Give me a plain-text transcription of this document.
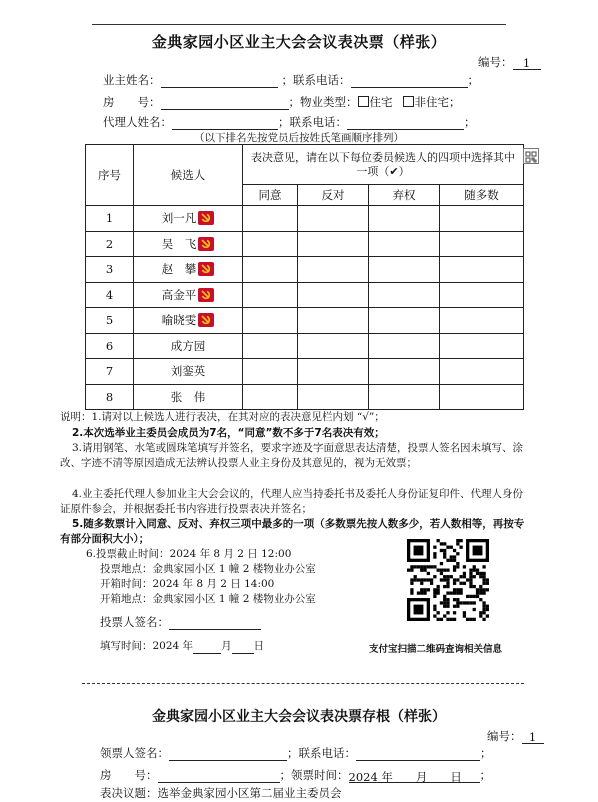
金典家园小区业主大会会议表决票（样张）
编号： 1
业主姓名：	；联系电话：	；
房　　号：	；物业类型： 住宅 非住宅；
代理人姓名：	；联系电话：	；
（以下排名先按党员后按姓氏笔画顺序排列）
序号	候选人	表决意见，请在以下每位委员候选人的四项中选择其中一项（✔）			
		同意	反对	弃权	随多数
1	刘一凡				
2	吴　飞				
3	赵　攀				
4	高金平				
5	喻晓雯				
6	成方园				
7	刘銮英				
8	张　伟				
说明：1.请对以上候选人进行表决，在其对应的表决意见栏内划 “√”；
2.本次选举业主委员会成员为7名，“同意”数不多于7名表决有效；
3.请用钢笔、水笔或圆珠笔填写并签名，要求字迹及字面意思表达清楚，投票人签名因未填写、涂改、字迹不清等原因造成无法辨认投票人业主身份及其意见的，视为无效票；
4.业主委托代理人参加业主大会会议的，代理人应当持委托书及委托人身份证复印件、代理人身份证原件参会，并根据委托书内容进行投票表决并签名；
5.随多数票计入同意、反对、弃权三项中最多的一项（多数票先按人数多少，若人数相等，再按专有部分面积大小）；
6.投票截止时间：2024 年 8 月 2 日 12:00
投票地点：金典家园小区 1 幢 2 楼物业办公室
开箱时间：2024 年 8 月 2 日 14:00
开箱地点：金典家园小区 1 幢 2 楼物业办公室
投票人签名：
填写时间：2024 年	月 日	支付宝扫描二维码查询相关信息
金典家园小区业主大会会议表决票存根（样张）
编号： 1
领票人签名：	；联系电话：	；
房　　号：	；领票时间：2024 年　　月　　日 ；
表决议题：选举金典家园小区第二届业主委员会
